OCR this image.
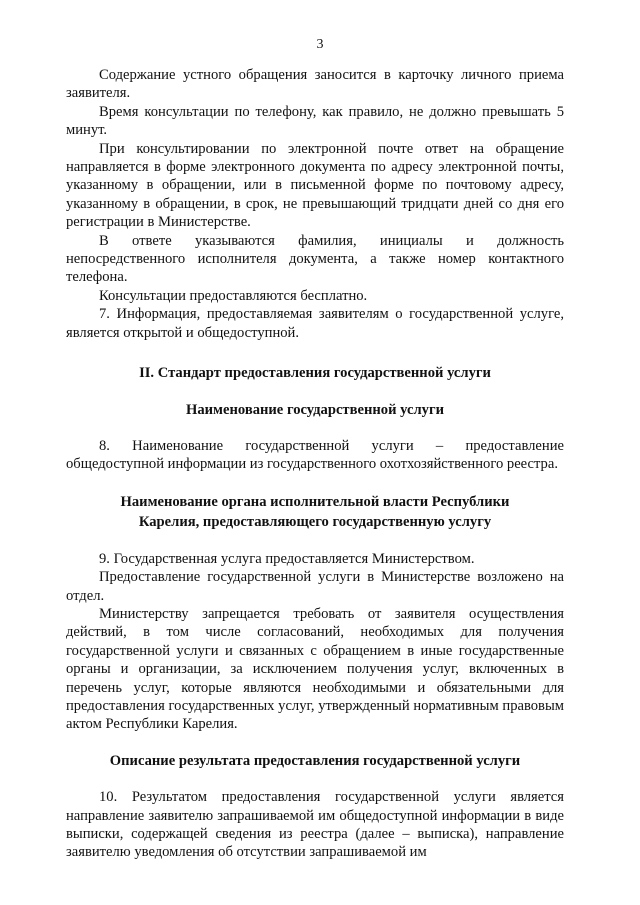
3

Содержание устного обращения заносится в карточку личного приема заявителя.

Время консультации по телефону, как правило, не должно превышать 5 минут.

При консультировании по электронной почте ответ на обращение направляется в форме электронного документа по адресу электронной почты, указанному в обращении, или в письменной форме по почтовому адресу, указанному в обращении, в срок, не превышающий тридцати дней со дня его регистрации в Министерстве.

В ответе указываются фамилия, инициалы и должность непосредственного исполнителя документа, а также номер контактного телефона.

Консультации предоставляются бесплатно.

7. Информация, предоставляемая заявителям о государственной услуге, является открытой и общедоступной.

II. Стандарт предоставления государственной услуги
Наименование государственной услуги

8. Наименование государственной услуги – предоставление общедоступной информации из государственного охотхозяйственного реестра.

Наименование органа исполнительной власти Республики
Карелия, предоставляющего государственную услугу

9. Государственная услуга предоставляется Министерством.

Предоставление государственной услуги в Министерстве возложено на отдел.

Министерству запрещается требовать от заявителя осуществления действий, в том числе согласований, необходимых для получения государственной услуги и связанных с обращением в иные государственные органы и организации, за исключением получения услуг, включенных в перечень услуг, которые являются необходимыми и обязательными для предоставления государственных услуг, утвержденный нормативным правовым актом Республики Карелия.

Описание результата предоставления государственной услуги

10. Результатом предоставления государственной услуги является направление заявителю запрашиваемой им общедоступной информации в виде выписки, содержащей сведения из реестра (далее – выписка), направление заявителю уведомления об отсутствии запрашиваемой им
